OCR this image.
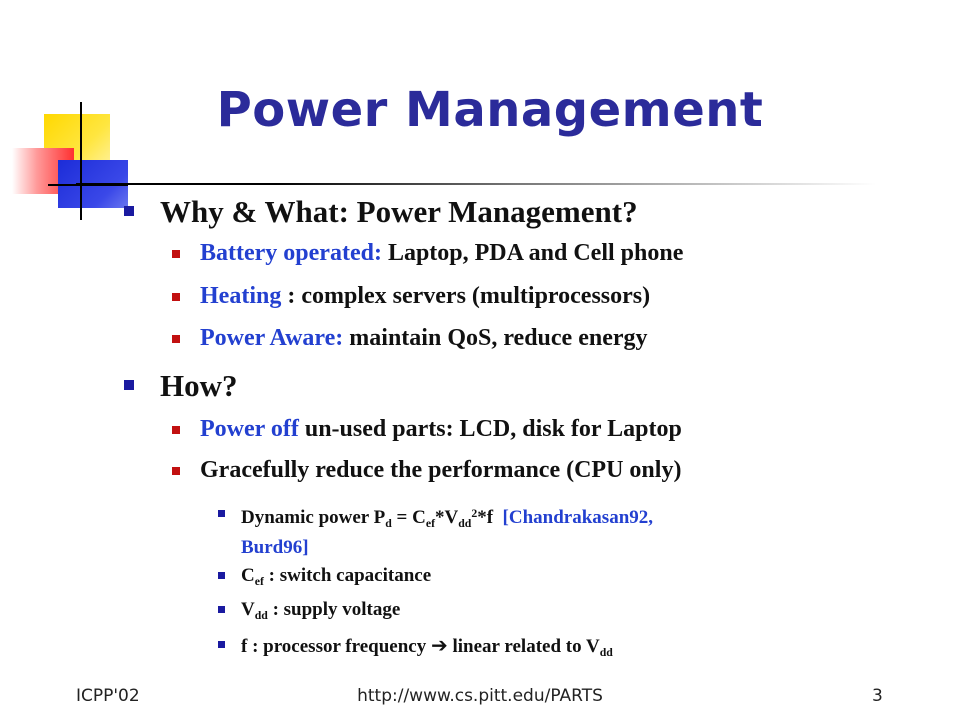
Power Management
Why & What: Power Management?
Battery operated: Laptop, PDA and Cell phone
Heating : complex servers (multiprocessors)
Power Aware: maintain QoS, reduce energy
How?
Power off un-used parts: LCD, disk for Laptop
Gracefully reduce the performance (CPU only)
Dynamic power $P_d = C_{ef}*V_{dd}^2*f$  [Chandrakasan92,
Burd96]
$C_{ef}$ : switch capacitance
$V_{dd}$ : supply voltage
f : processor frequency ➔ linear related to $V_{dd}$
ICPP'02	http://www.cs.pitt.edu/PARTS	3
